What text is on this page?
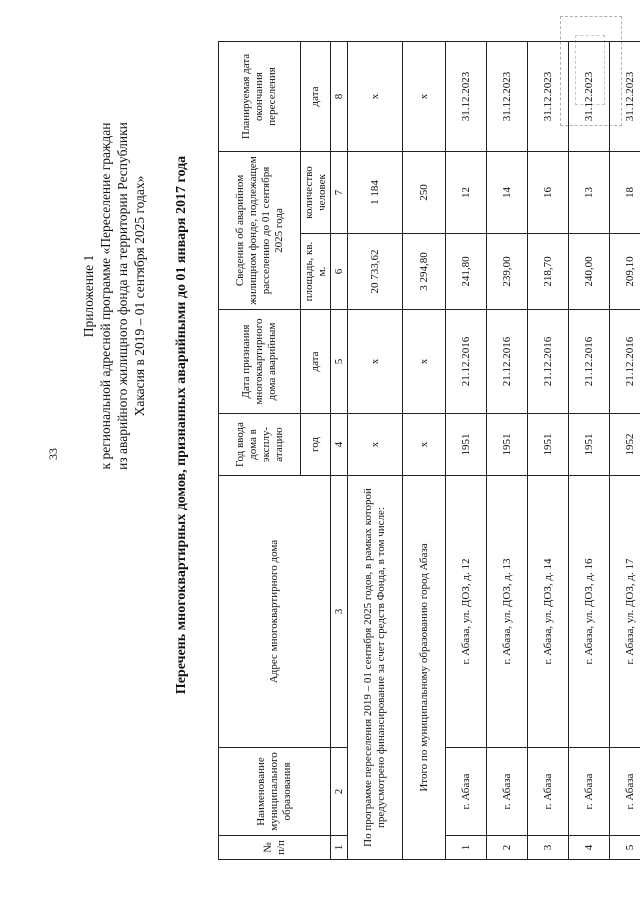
33
Приложение 1 к региональной адресной программе «Переселение граждан из аварийного жилищного фонда на территории Республики Хакасия в 2019 – 01 сентября 2025 годах» Перечень многоквартирных домов, признанных аварийными до 01 января 2017 года
№ п/п	Наименование муниципального образования	Адрес многоквартирного дома	Год ввода дома в эксплу-атацию	Дата признания многоквартирного дома аварийным	Сведения об аварийном жилищном фонде, подлежащем расселению до 01 сентября 2025 года		Планируемая дата окончания переселения
			год	дата	площадь, кв. м.	количество человек	дата
1	2	3	4	5	6	7	8
По программе переселения 2019 – 01 сентября 2025 годов, в рамках которой предусмотрено финансирование за счет средств Фонда, в том числе:			х	х	20 733,62	1 184	х
Итого по муниципальному образованию город Абаза			х	х	3 294,80	250	х
1	г. Абаза	г. Абаза, ул. ДОЗ, д. 12	1951	21.12.2016	241,80	12	31.12.2023
2	г. Абаза	г. Абаза, ул. ДОЗ, д. 13	1951	21.12.2016	239,00	14	31.12.2023
3	г. Абаза	г. Абаза, ул. ДОЗ, д. 14	1951	21.12.2016	218,70	16	31.12.2023
4	г. Абаза	г. Абаза, ул. ДОЗ, д. 16	1951	21.12.2016	240,00	13	31.12.2023
5	г. Абаза	г. Абаза, ул. ДОЗ, д. 17	1952	21.12.2016	209,10	18	31.12.2023
